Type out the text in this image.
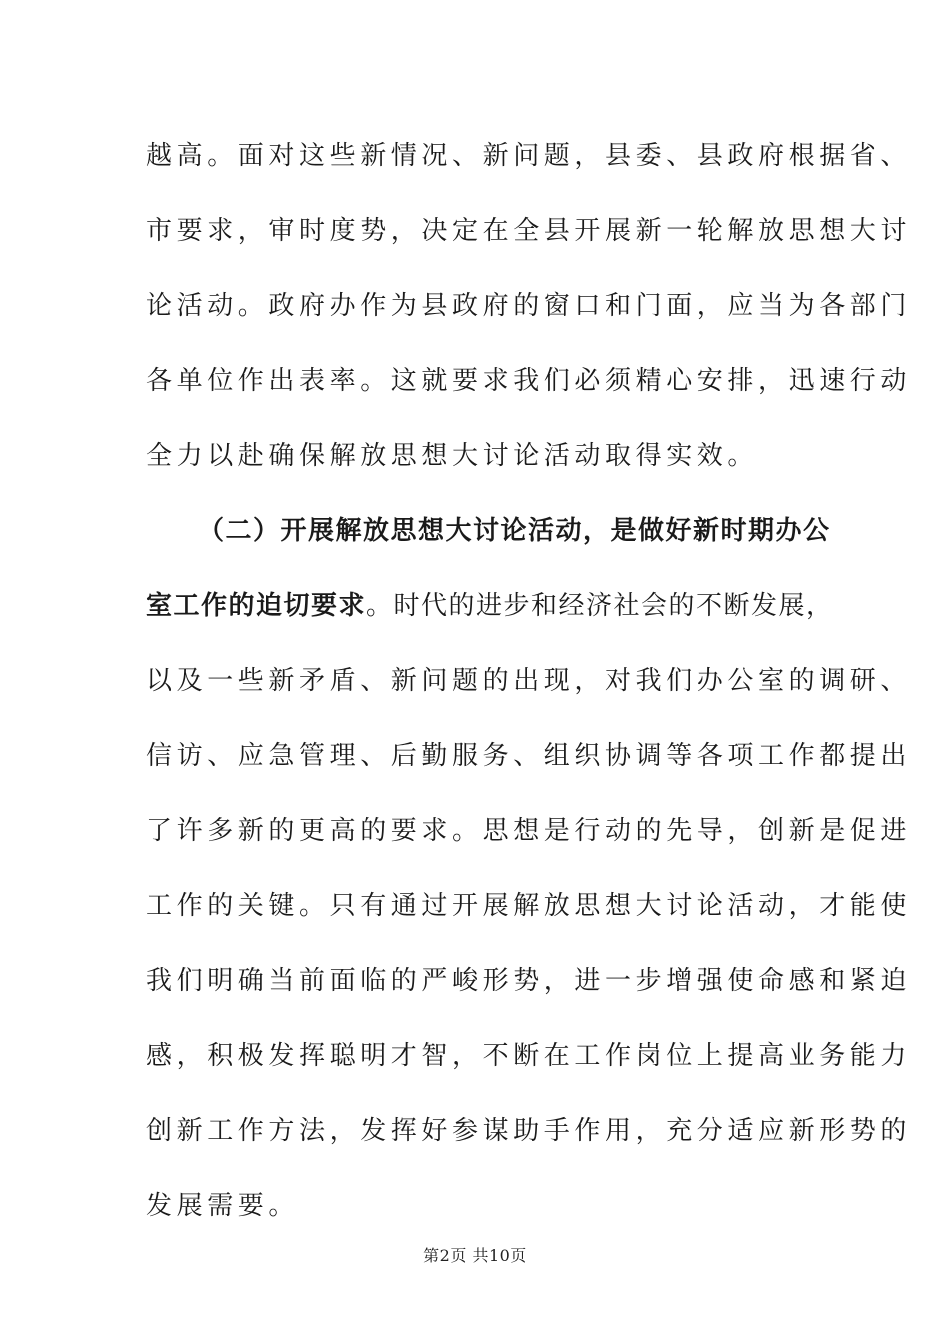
越高。面对这些新情况、新问题，县委、县政府根据省、
市要求，审时度势，决定在全县开展新一轮解放思想大讨
论活动。政府办作为县政府的窗口和门面，应当为各部门
各单位作出表率。这就要求我们必须精心安排，迅速行动
全力以赴确保解放思想大讨论活动取得实效。
（二）开展解放思想大讨论活动，是做好新时期办公
室工作的迫切要求。时代的进步和经济社会的不断发展，
以及一些新矛盾、新问题的出现，对我们办公室的调研、
信访、应急管理、后勤服务、组织协调等各项工作都提出
了许多新的更高的要求。思想是行动的先导，创新是促进
工作的关键。只有通过开展解放思想大讨论活动，才能使
我们明确当前面临的严峻形势，进一步增强使命感和紧迫
感，积极发挥聪明才智，不断在工作岗位上提高业务能力
创新工作方法，发挥好参谋助手作用，充分适应新形势的
发展需要。
第2页 共10页
